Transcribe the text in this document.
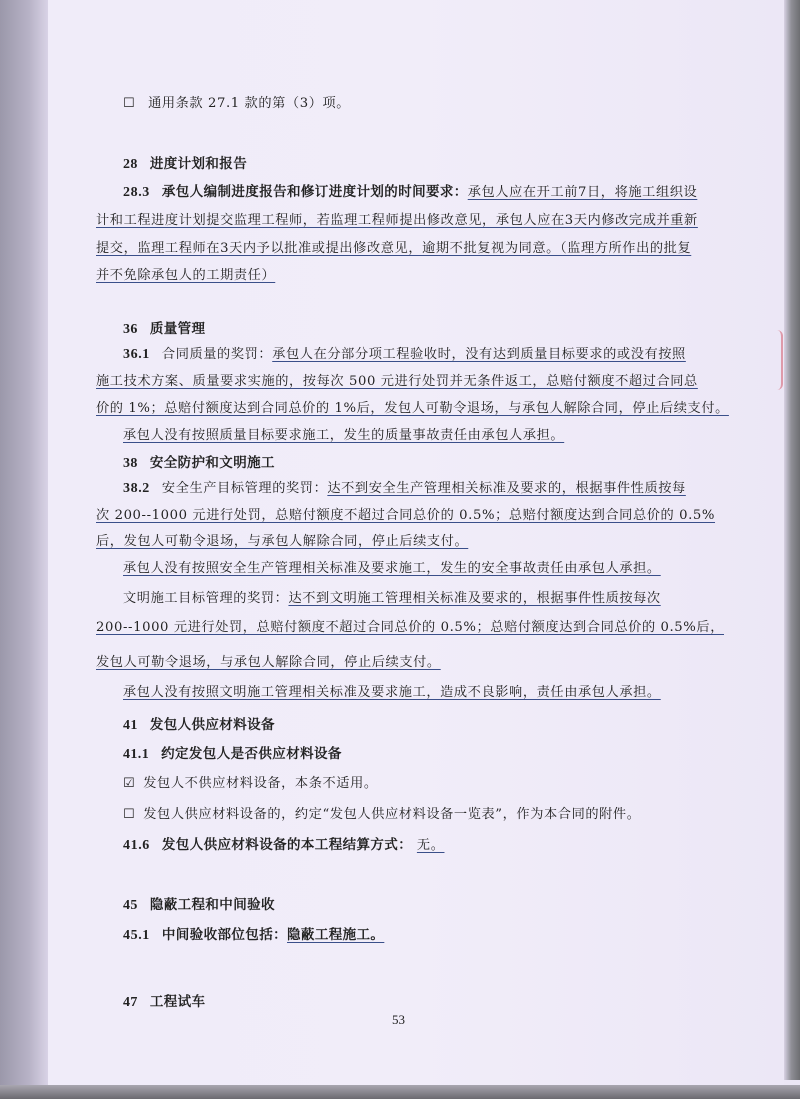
☐ 通用条款 27.1 款的第（3）项。
28 进度计划和报告
28.3 承包人编制进度报告和修订进度计划的时间要求：承包人应在开工前7日，将施工组织设
计和工程进度计划提交监理工程师，若监理工程师提出修改意见，承包人应在3天内修改完成并重新
提交，监理工程师在3天内予以批准或提出修改意见，逾期不批复视为同意。（监理方所作出的批复
并不免除承包人的工期责任）
36 质量管理
36.1 合同质量的奖罚：承包人在分部分项工程验收时，没有达到质量目标要求的或没有按照
施工技术方案、质量要求实施的，按每次 500 元进行处罚并无条件返工，总赔付额度不超过合同总
价的 1%；总赔付额度达到合同总价的 1%后，发包人可勒令退场，与承包人解除合同，停止后续支付。
承包人没有按照质量目标要求施工，发生的质量事故责任由承包人承担。
38 安全防护和文明施工
38.2 安全生产目标管理的奖罚：达不到安全生产管理相关标准及要求的，根据事件性质按每
次 200--1000 元进行处罚，总赔付额度不超过合同总价的 0.5%；总赔付额度达到合同总价的 0.5%
后，发包人可勒令退场，与承包人解除合同，停止后续支付。
承包人没有按照安全生产管理相关标准及要求施工，发生的安全事故责任由承包人承担。
文明施工目标管理的奖罚：达不到文明施工管理相关标准及要求的，根据事件性质按每次
200--1000 元进行处罚，总赔付额度不超过合同总价的 0.5%；总赔付额度达到合同总价的 0.5%后，
发包人可勒令退场，与承包人解除合同，停止后续支付。
承包人没有按照文明施工管理相关标准及要求施工，造成不良影响，责任由承包人承担。
41 发包人供应材料设备
41.1 约定发包人是否供应材料设备
☑ 发包人不供应材料设备，本条不适用。
☐ 发包人供应材料设备的，约定“发包人供应材料设备一览表”，作为本合同的附件。
41.6 发包人供应材料设备的本工程结算方式： 无。
45 隐蔽工程和中间验收
45.1 中间验收部位包括：隐蔽工程施工。
47 工程试车
53
